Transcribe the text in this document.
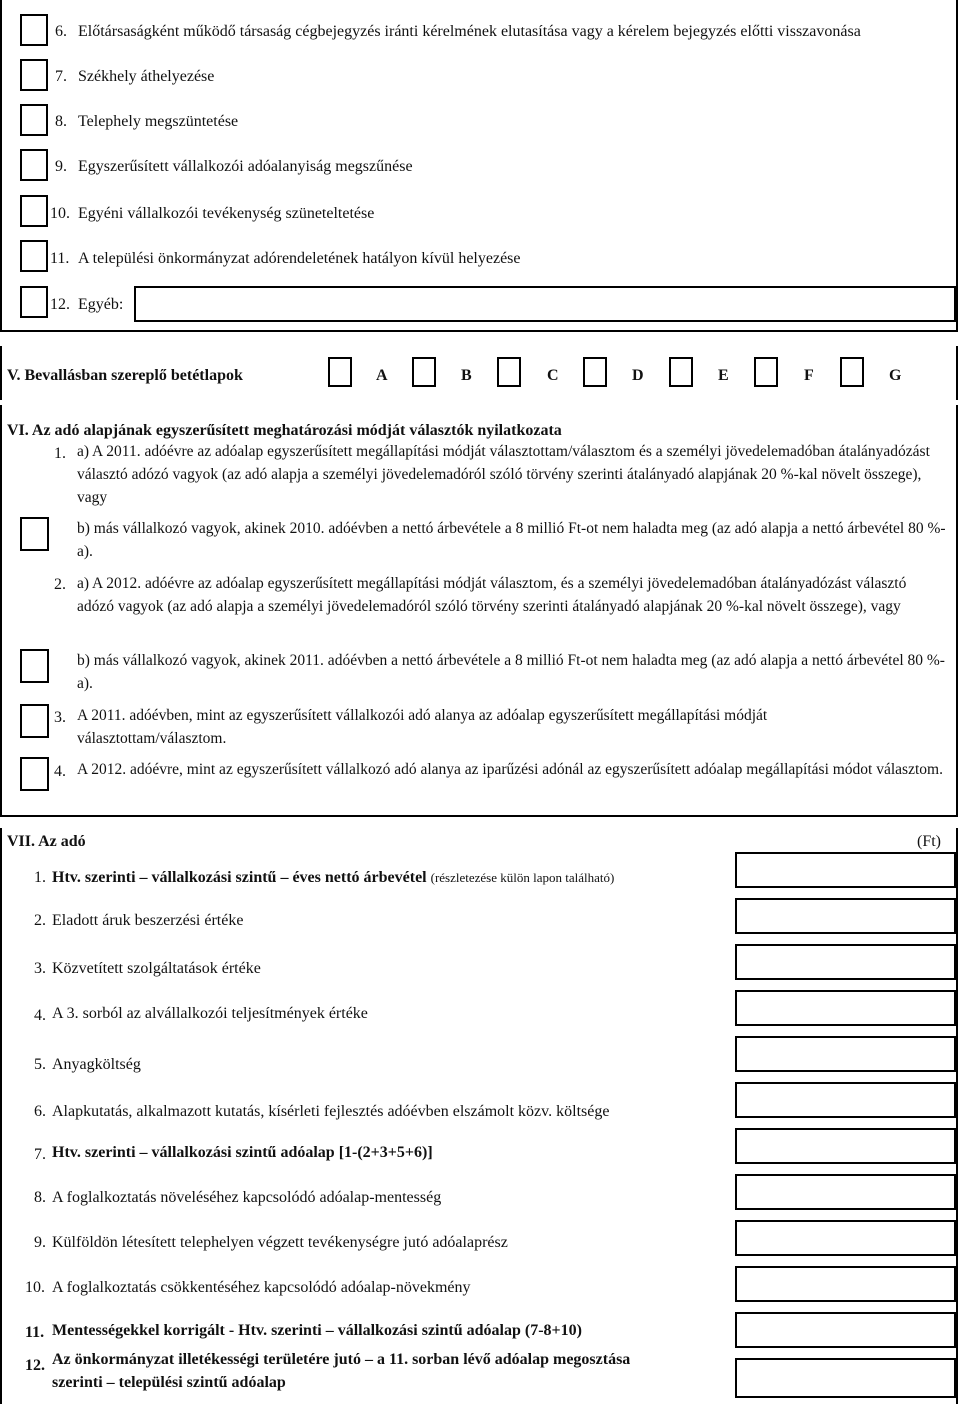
6. Előtársaságként működő társaság cégbejegyzés iránti kérelmének elutasítása vagy a kérelem bejegyzés előtti visszavonása
7. Székhely áthelyezése
8. Telephely megszüntetése
9. Egyszerűsített vállalkozói adóalanyiság megszűnése
10. Egyéni vállalkozói tevékenység szüneteltetése
11. A települési önkormányzat adórendeletének hatályon kívül helyezése
12. Egyéb:
V. Bevallásban szereplő betétlapok	A	B	C	D	E	F	G
VI. Az adó alapjának egyszerűsített meghatározási módját választók nyilatkozata
1. a) A 2011. adóévre az adóalap egyszerűsített megállapítási módját választottam/választom és a személyi jövedelemadóban átalányadózást választó adózó vagyok (az adó alapja a személyi jövedelemadóról szóló törvény szerinti átalányadó alapjának 20 %-kal növelt összege), vagy
b) más vállalkozó vagyok, akinek 2010. adóévben a nettó árbevétele a 8 millió Ft-ot nem haladta meg (az adó alapja a nettó árbevétel 80 %-a).
2. a) A 2012. adóévre az adóalap egyszerűsített megállapítási módját választom, és a személyi jövedelemadóban átalányadózást választó adózó vagyok (az adó alapja a személyi jövedelemadóról szóló törvény szerinti átalányadó alapjának 20 %-kal növelt összege), vagy
b) más vállalkozó vagyok, akinek 2011. adóévben a nettó árbevétele a 8 millió Ft-ot nem haladta meg (az adó alapja a nettó árbevétel 80 %-a).
3. A 2011. adóévben, mint az egyszerűsített vállalkozói adó alanya az adóalap egyszerűsített megállapítási módját választottam/választom.
4. A 2012. adóévre, mint az egyszerűsített vállalkozó adó alanya az iparűzési adónál az egyszerűsített adóalap megállapítási módot választom.
VII. Az adó	(Ft)
1. Htv. szerinti – vállalkozási szintű – éves nettó árbevétel (részletezése külön lapon található)
2. Eladott áruk beszerzési értéke
3. Közvetített szolgáltatások értéke
4. A 3. sorból az alvállalkozói teljesítmények értéke
5. Anyagköltség
6. Alapkutatás, alkalmazott kutatás, kísérleti fejlesztés adóévben elszámolt közv. költsége
7. Htv. szerinti – vállalkozási szintű adóalap [1-(2+3+5+6)]
8. A foglalkoztatás növeléséhez kapcsolódó adóalap-mentesség
9. Külföldön létesített telephelyen végzett tevékenységre jutó adóalaprész
10. A foglalkoztatás csökkentéséhez kapcsolódó adóalap-növekmény
11. Mentességekkel korrigált - Htv. szerinti – vállalkozási szintű adóalap (7-8+10)
12. Az önkormányzat illetékességi területére jutó – a 11. sorban lévő adóalap megosztása
szerinti – települési szintű adóalap
